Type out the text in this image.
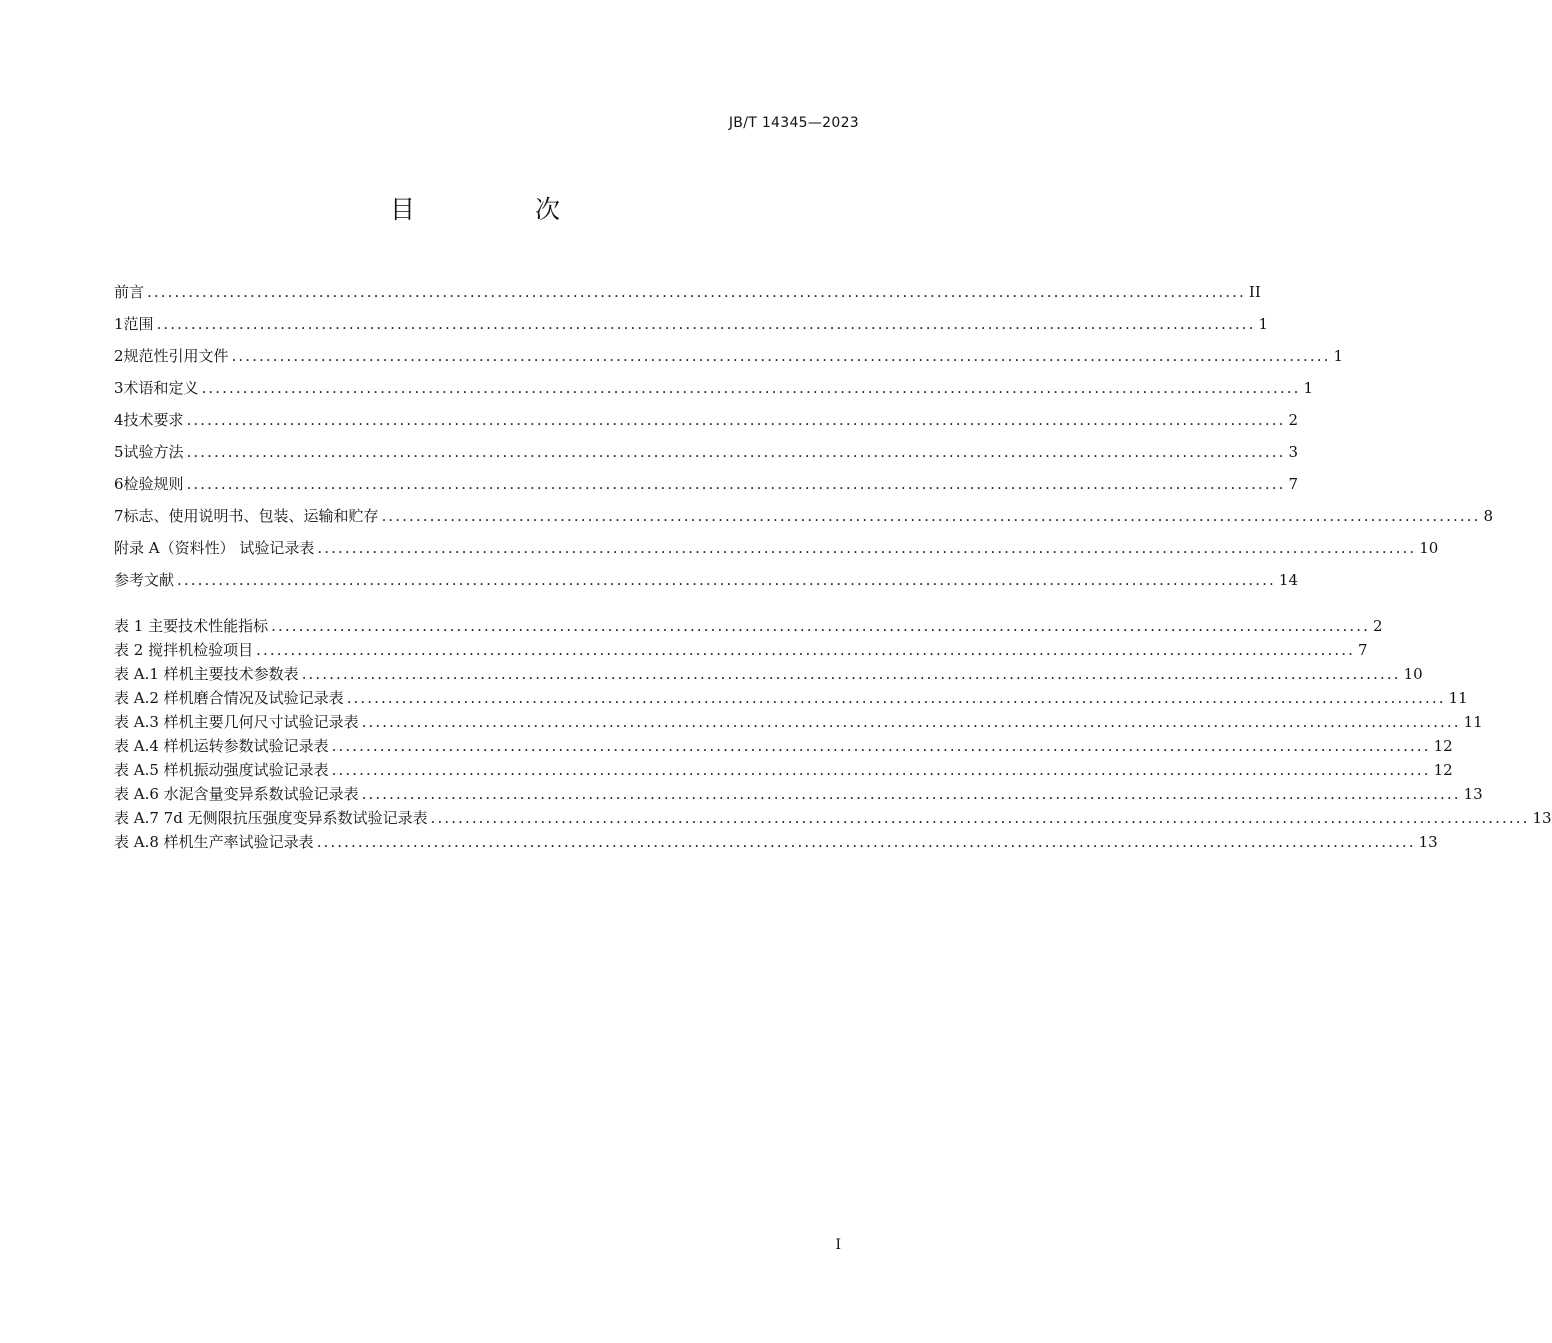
JB/T 14345—2023
目 次
前言 ................................................................................................................................................................ II
1 范围 ................................................................................................................................................................ 1
2 规范性引用文件 ................................................................................................................................................................ 1
3 术语和定义 ................................................................................................................................................................ 1
4 技术要求 ................................................................................................................................................................ 2
5 试验方法 ................................................................................................................................................................ 3
6 检验规则 ................................................................................................................................................................ 7
7 标志、使用说明书、包装、运输和贮存 ................................................................................................................................................................ 8
附录 A（资料性） 试验记录表 ................................................................................................................................................................ 10
参考文献 ................................................................................................................................................................ 14
表 1 主要技术性能指标 ................................................................................................................................................................ 2
表 2 搅拌机检验项目 ................................................................................................................................................................ 7
表 A.1 样机主要技术参数表 ................................................................................................................................................................ 10
表 A.2 样机磨合情况及试验记录表 ................................................................................................................................................................ 11
表 A.3 样机主要几何尺寸试验记录表 ................................................................................................................................................................ 11
表 A.4 样机运转参数试验记录表 ................................................................................................................................................................ 12
表 A.5 样机振动强度试验记录表 ................................................................................................................................................................ 12
表 A.6 水泥含量变异系数试验记录表 ................................................................................................................................................................ 13
表 A.7 7d 无侧限抗压强度变异系数试验记录表 ................................................................................................................................................................ 13
表 A.8 样机生产率试验记录表 ................................................................................................................................................................ 13
I
